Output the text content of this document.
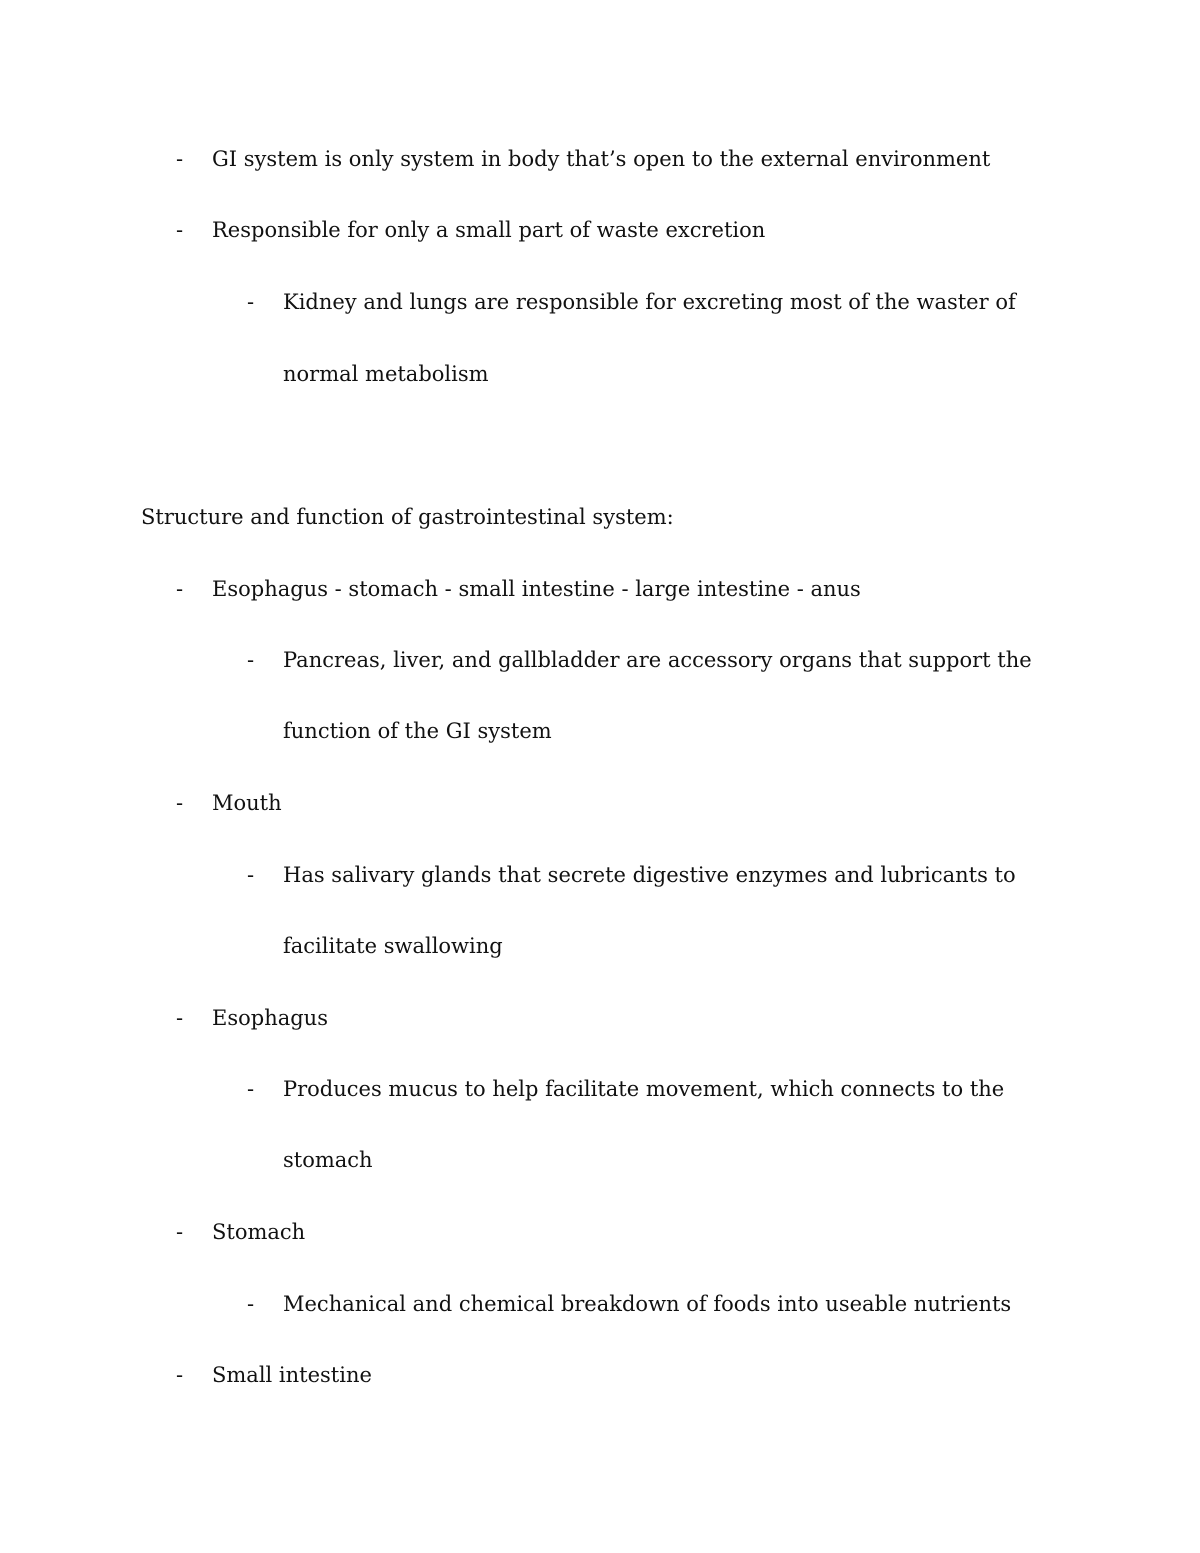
- GI system is only system in body that’s open to the external environment
- Responsible for only a small part of waste excretion
- Kidney and lungs are responsible for excreting most of the waster of
normal metabolism
Structure and function of gastrointestinal system:
- Esophagus - stomach - small intestine - large intestine - anus
- Pancreas, liver, and gallbladder are accessory organs that support the
function of the GI system
- Mouth
- Has salivary glands that secrete digestive enzymes and lubricants to
facilitate swallowing
- Esophagus
- Produces mucus to help facilitate movement, which connects to the
stomach
- Stomach
- Mechanical and chemical breakdown of foods into useable nutrients
- Small intestine
